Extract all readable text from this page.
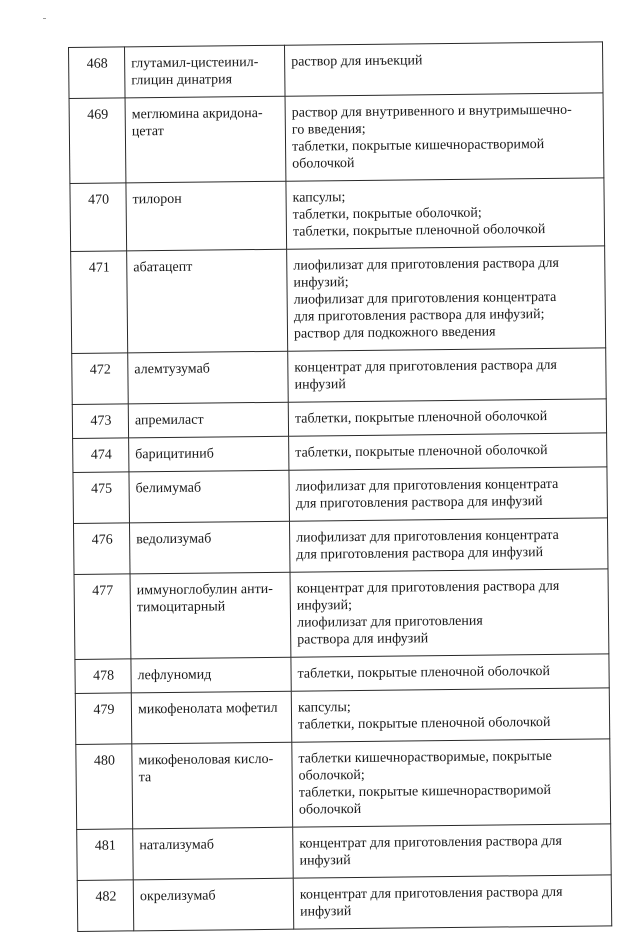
468	глутамил-цистеинил-
глицин динатрия	раствор для инъекций

469	меглюмина акридона-
цетат	раствор для внутривенного и внутримышечно-
го введения;
таблетки, покрытые кишечнорастворимой
оболочкой

470	тилорон	капсулы;
таблетки, покрытые оболочкой;
таблетки, покрытые пленочной оболочкой

471	абатацепт	лиофилизат для приготовления раствора для
инфузий;
лиофилизат для приготовления концентрата
для приготовления раствора для инфузий;
раствор для подкожного введения

472	алемтузумаб	концентрат для приготовления раствора для
инфузий

473	апремиласт	таблетки, покрытые пленочной оболочкой

474	барицитиниб	таблетки, покрытые пленочной оболочкой

475	белимумаб	лиофилизат для приготовления концентрата
для приготовления раствора для инфузий

476	ведолизумаб	лиофилизат для приготовления концентрата
для приготовления раствора для инфузий

477	иммуноглобулин анти-
тимоцитарный	концентрат для приготовления раствора для
инфузий;
лиофилизат для приготовления
раствора для инфузий

478	лефлуномид	таблетки, покрытые пленочной оболочкой

479	микофенолата мофетил	капсулы;
таблетки, покрытые пленочной оболочкой

480	микофеноловая кисло-
та	таблетки кишечнорастворимые, покрытые
оболочкой;
таблетки, покрытые кишечнорастворимой
оболочкой

481	натализумаб	концентрат для приготовления раствора для
инфузий

482	окрелизумаб	концентрат для приготовления раствора для
инфузий
